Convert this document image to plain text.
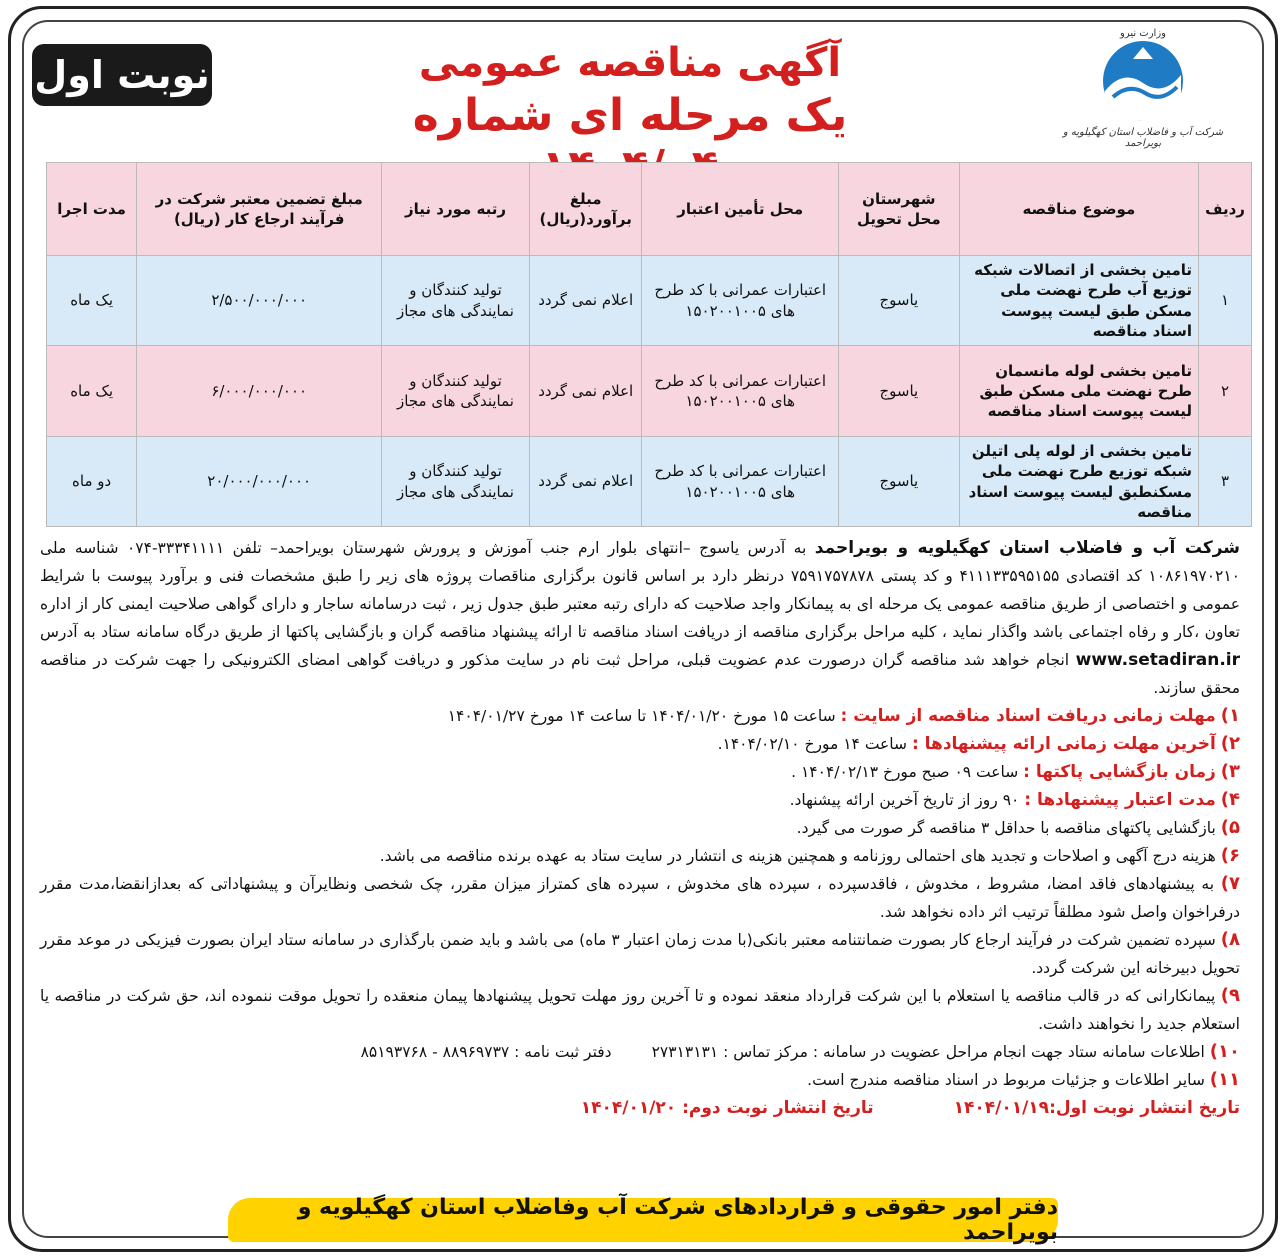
نوبت اول	آگهی مناقصه عمومی
یک مرحله ای شماره
وزارت نیرو
شرکت آب و فاضلاب استان کهگیلویه و بویراحمد
ردیف	موضوع مناقصه	شهرستان محل تحویل	محل تأمین اعتبار	مبلغ برآورد(ریال)	رتبه مورد نیاز	مبلغ تضمین معتبر شرکت در فرآیند ارجاع کار (ریال)	مدت اجرا
۱	تامین بخشی از اتصالات شبکه توزیع آب طرح نهضت ملی مسکن طبق لیست پیوست اسناد مناقصه	یاسوج	اعتبارات عمرانی با کد طرح های ۱۵۰۲۰۰۱۰۰۵	اعلام نمی گردد	تولید کنندگان و نمایندگی های مجاز	۲/۵۰۰/۰۰۰/۰۰۰	یک ماه
۲	تامین بخشی لوله مانسمان طرح نهضت ملی مسکن طبق لیست پیوست اسناد مناقصه	یاسوج	اعتبارات عمرانی با کد طرح های ۱۵۰۲۰۰۱۰۰۵	اعلام نمی گردد	تولید کنندگان و نمایندگی های مجاز	۶/۰۰۰/۰۰۰/۰۰۰	یک ماه
۳	تامین بخشی از لوله پلی اتیلن شبکه توزیع طرح نهضت ملی مسکنطبق لیست پیوست اسناد مناقصه	یاسوج	اعتبارات عمرانی با کد طرح های ۱۵۰۲۰۰۱۰۰۵	اعلام نمی گردد	تولید کنندگان و نمایندگی های مجاز	۲۰/۰۰۰/۰۰۰/۰۰۰	دو ماه

شرکت آب و فاضلاب استان کهگیلویه و بویراحمد به آدرس یاسوج –انتهای بلوار ارم جنب آموزش و پرورش شهرستان بویراحمد– تلفن ۳۳۳۴۱۱۱۱-۰۷۴ شناسه ملی ۱۰۸۶۱۹۷۰۲۱۰ کد اقتصادی ۴۱۱۱۳۳۵۹۵۱۵۵ و کد پستی ۷۵۹۱۷۵۷۸۷۸ درنظر دارد بر اساس قانون برگزاری مناقصات پروژه های زیر را طبق مشخصات فنی و برآورد پیوست با شرایط عمومی و اختصاصی از طریق مناقصه عمومی یک مرحله ای به پیمانکار واجد صلاحیت که دارای رتبه معتبر طبق جدول زیر ، ثبت درسامانه ساجار و دارای گواهی صلاحیت ایمنی کار از اداره تعاون ،کار و رفاه اجتماعی باشد واگذار نماید ، کلیه مراحل برگزاری مناقصه از دریافت اسناد مناقصه تا ارائه پیشنهاد مناقصه گران و بازگشایی پاکتها از طریق درگاه سامانه ستاد به آدرس www.setadiran.ir انجام خواهد شد مناقصه گران درصورت عدم عضویت قبلی، مراحل ثبت نام در سایت مذکور و دریافت گواهی امضای الکترونیکی را جهت شرکت در مناقصه محقق سازند.

۱) مهلت زمانی دریافت اسناد مناقصه از سایت : ساعت ۱۵ مورخ ۱۴۰۴/۰۱/۲۰ تا ساعت ۱۴ مورخ ۱۴۰۴/۰۱/۲۷
۲) آخرین مهلت زمانی ارائه پیشنهادها : ساعت ۱۴ مورخ ۱۴۰۴/۰۲/۱۰.
۳) زمان بازگشایی پاکتها : ساعت ۰۹ صبح مورخ ۱۴۰۴/۰۲/۱۳ .
۴) مدت اعتبار پیشنهادها : ۹۰ روز از تاریخ آخرین ارائه پیشنهاد.
۵) بازگشایی پاکتهای مناقصه با حداقل ۳ مناقصه گر صورت می گیرد.
۶) هزینه درج آگهی و اصلاحات و تجدید های احتمالی روزنامه و همچنین هزینه ی انتشار در سایت ستاد به عهده برنده مناقصه می باشد.
۷) به پیشنهادهای فاقد امضا، مشروط ، مخدوش ، فاقدسپرده ، سپرده های مخدوش ، سپرده های کمتراز میزان مقرر، چک شخصی ونظایرآن و پیشنهاداتی که بعدازانقضا،مدت مقرر درفراخوان واصل شود مطلقاً ترتیب اثر داده نخواهد شد.
۸) سپرده تضمین شرکت در فرآیند ارجاع کار بصورت ضمانتنامه معتبر بانکی(با مدت زمان اعتبار ۳ ماه) می باشد و باید ضمن بارگذاری در سامانه ستاد ایران بصورت فیزیکی در موعد مقرر تحویل دبیرخانه این شرکت گردد.
۹) پیمانکارانی که در قالب مناقصه یا استعلام با این شرکت قرارداد منعقد نموده و تا آخرین روز مهلت تحویل پیشنهادها پیمان منعقده را تحویل موقت ننموده اند، حق شرکت در مناقصه یا استعلام جدید را نخواهند داشت.
۱۰) اطلاعات سامانه ستاد جهت انجام مراحل عضویت در سامانه : مرکز تماس : ۲۷۳۱۳۱۳۱
دفتر ثبت نامه : ۸۸۹۶۹۷۳۷ - ۸۵۱۹۳۷۶۸
۱۱) سایر اطلاعات و جزئیات مربوط در اسناد مناقصه مندرج است.
تاریخ انتشار نوبت اول:۱۴۰۴/۰۱/۱۹
تاریخ انتشار نوبت دوم: ۱۴۰۴/۰۱/۲۰
دفتر امور حقوقی و قراردادهای شرکت آب وفاضلاب استان کهگیلویه و بویراحمد
